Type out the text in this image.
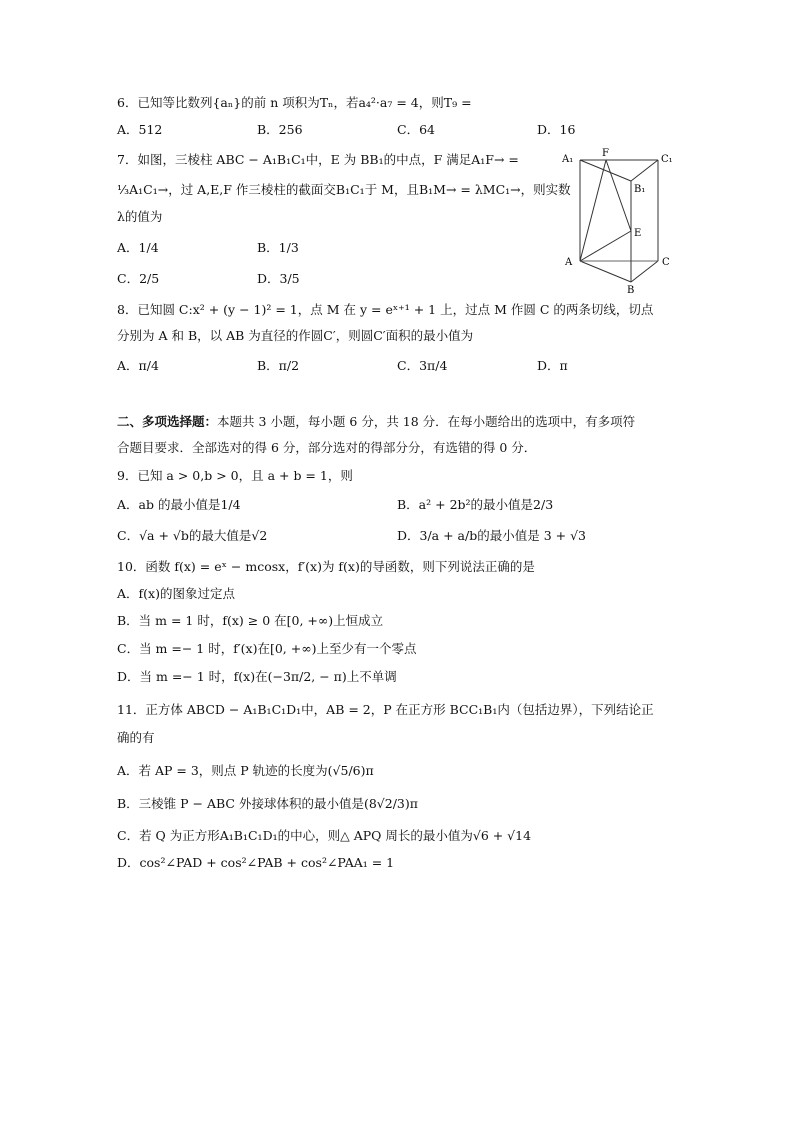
6．已知等比数列{aₙ}的前 n 项积为Tₙ，若a₄²·a₇ = 4，则T₉ =
A．512	B．256	C．64	D．16
7．如图，三棱柱 ABC − A₁B₁C₁中，E 为 BB₁的中点，F 满足A₁F→ =
⅓A₁C₁→，过 A,E,F 作三棱柱的截面交B₁C₁于 M，且B₁M→ = λMC₁→，则实数
λ的值为
A．1/4	B．1/3
C．2/5	D．3/5
A₁
F
C₁
B₁
E
A	C
B
8．已知圆 C:x² + (y − 1)² = 1，点 M 在 y = eˣ⁺¹ + 1 上，过点 M 作圆 C 的两条切线，切点
分别为 A 和 B，以 AB 为直径的作圆C′，则圆C′面积的最小值为
A．π/4	B．π/2	C．3π/4	D．π
二、多项选择题：本题共 3 小题，每小题 6 分，共 18 分．在每小题给出的选项中，有多项符
合题目要求．全部选对的得 6 分，部分选对的得部分分，有选错的得 0 分．
9．已知 a > 0,b > 0，且 a + b = 1，则
A．ab 的最小值是1/4	B．a² + 2b²的最小值是2/3
C．√a + √b的最大值是√2	D．3/a + a/b的最小值是 3 + √3
10．函数 f(x) = eˣ − mcosx，f′(x)为 f(x)的导函数，则下列说法正确的是
A．f(x)的图象过定点
B．当 m = 1 时，f(x) ≥ 0 在[0, +∞)上恒成立
C．当 m =− 1 时，f′(x)在[0, +∞)上至少有一个零点
D．当 m =− 1 时，f(x)在(−3π/2, − π)上不单调
11．正方体 ABCD − A₁B₁C₁D₁中，AB = 2，P 在正方形 BCC₁B₁内（包括边界），下列结论正
确的有
A．若 AP = 3，则点 P 轨迹的长度为(√5/6)π
B．三棱锥 P − ABC 外接球体积的最小值是(8√2/3)π
C．若 Q 为正方形A₁B₁C₁D₁的中心，则△ APQ 周长的最小值为√6 + √14
D．cos²∠PAD + cos²∠PAB + cos²∠PAA₁ = 1
